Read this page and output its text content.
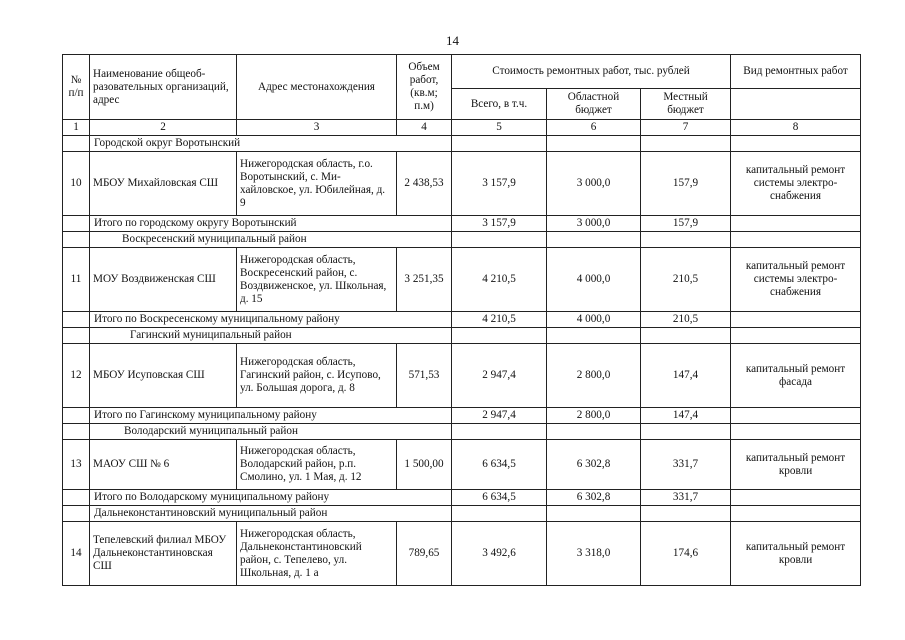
14
№ п/п	Наименование общеобразовательных организаций, адрес	Адрес местонахождения	Объем работ, (кв.м; п.м)	Стоимость ремонтных работ, тыс. рублей			Вид ремонтных работ
				Всего, в т.ч.	Областной бюджет	Местный бюджет	
1	2	3	4	5	6	7	8
	Городской округ Воротынский						
10	МБОУ Михайловская СШ	Нижегородская область, г.о. Воротынский, с. Михайловское, ул. Юбилейная, д. 9	2 438,53	3 157,9	3 000,0	157,9	капитальный ремонт системы электроснабжения
	Итого по городскому округу Воротынский			3 157,9	3 000,0	157,9	
	Воскресенский муниципальный район						
11	МОУ Воздвиженская СШ	Нижегородская область, Воскресенский район, с. Воздвиженское, ул. Школьная, д. 15	3 251,35	4 210,5	4 000,0	210,5	капитальный ремонт системы электроснабжения
	Итого по Воскресенскому муниципальному району			4 210,5	4 000,0	210,5	
	Гагинский муниципальный район						
12	МБОУ Исуповская СШ	Нижегородская область, Гагинский район, с. Исупово, ул. Большая дорога, д. 8	571,53	2 947,4	2 800,0	147,4	капитальный ремонт фасада
	Итого по Гагинскому муниципальному району			2 947,4	2 800,0	147,4	
	Володарский муниципальный район						
13	МАОУ СШ № 6	Нижегородская область, Володарский район, р.п. Смолино, ул. 1 Мая, д. 12	1 500,00	6 634,5	6 302,8	331,7	капитальный ремонт кровли
	Итого по Володарскому муниципальному району			6 634,5	6 302,8	331,7	
	Дальнеконстантиновский муниципальный район						
14	Тепелевский филиал МБОУ Дальнеконстантиновская СШ	Нижегородская область, Дальнеконстантиновский район, с. Тепелево, ул. Школьная, д. 1 а	789,65	3 492,6	3 318,0	174,6	капитальный ремонт кровли
